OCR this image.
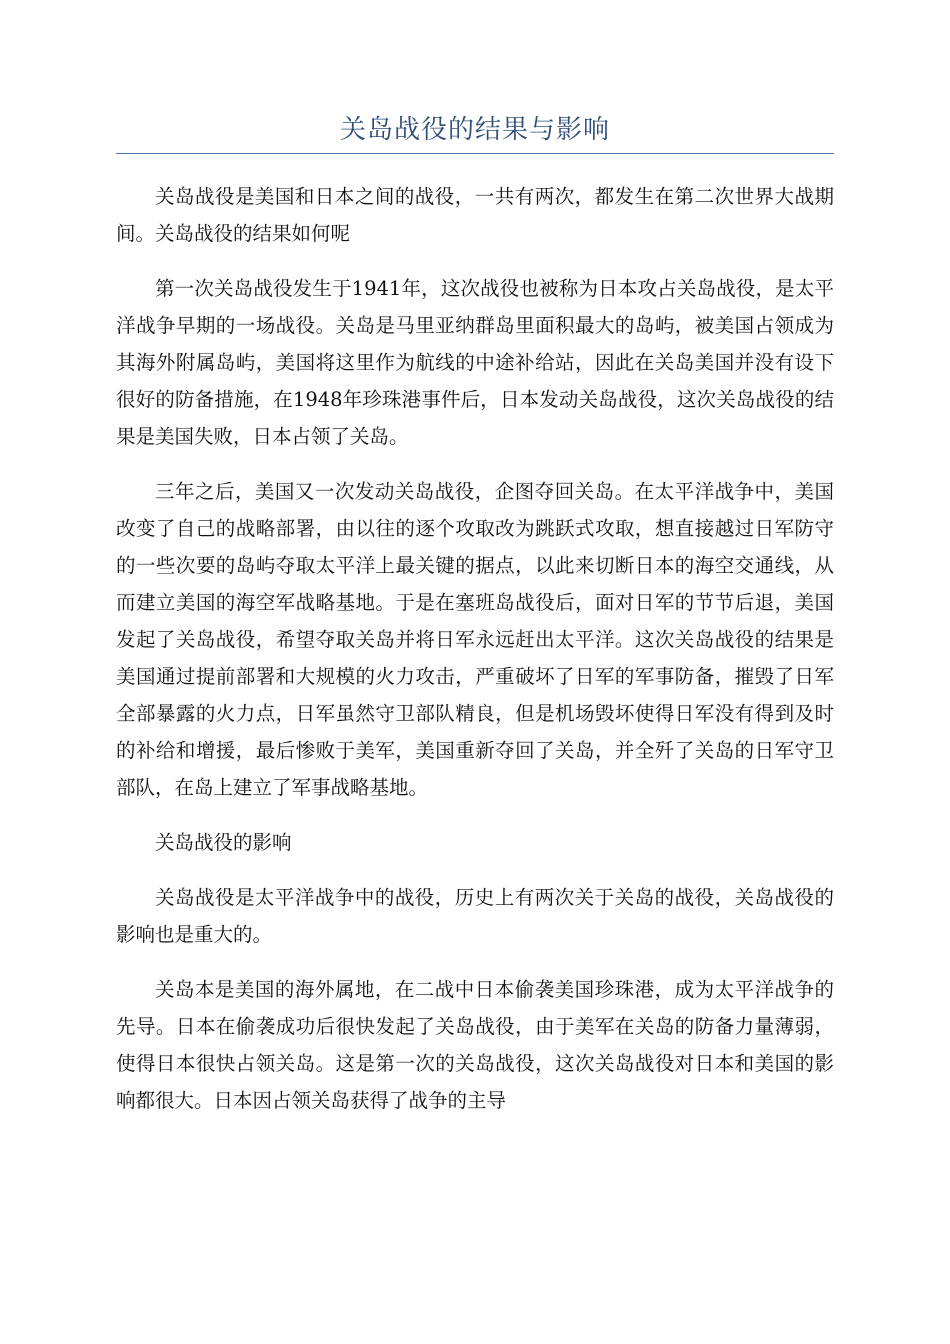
关岛战役的结果与影响

关岛战役是美国和日本之间的战役，一共有两次，都发生在第二次世界大战期间。关岛战役的结果如何呢

第一次关岛战役发生于1941年，这次战役也被称为日本攻占关岛战役，是太平洋战争早期的一场战役。关岛是马里亚纳群岛里面积最大的岛屿，被美国占领成为其海外附属岛屿，美国将这里作为航线的中途补给站，因此在关岛美国并没有设下很好的防备措施，在1948年珍珠港事件后，日本发动关岛战役，这次关岛战役的结果是美国失败，日本占领了关岛。

三年之后，美国又一次发动关岛战役，企图夺回关岛。在太平洋战争中，美国改变了自己的战略部署，由以往的逐个攻取改为跳跃式攻取，想直接越过日军防守的一些次要的岛屿夺取太平洋上最关键的据点，以此来切断日本的海空交通线，从而建立美国的海空军战略基地。于是在塞班岛战役后，面对日军的节节后退，美国发起了关岛战役，希望夺取关岛并将日军永远赶出太平洋。这次关岛战役的结果是美国通过提前部署和大规模的火力攻击，严重破坏了日军的军事防备，摧毁了日军全部暴露的火力点，日军虽然守卫部队精良，但是机场毁坏使得日军没有得到及时的补给和增援，最后惨败于美军，美国重新夺回了关岛，并全歼了关岛的日军守卫部队，在岛上建立了军事战略基地。

关岛战役的影响

关岛战役是太平洋战争中的战役，历史上有两次关于关岛的战役，关岛战役的影响也是重大的。

关岛本是美国的海外属地，在二战中日本偷袭美国珍珠港，成为太平洋战争的先导。日本在偷袭成功后很快发起了关岛战役，由于美军在关岛的防备力量薄弱，使得日本很快占领关岛。这是第一次的关岛战役，这次关岛战役对日本和美国的影响都很大。日本因占领关岛获得了战争的主导
